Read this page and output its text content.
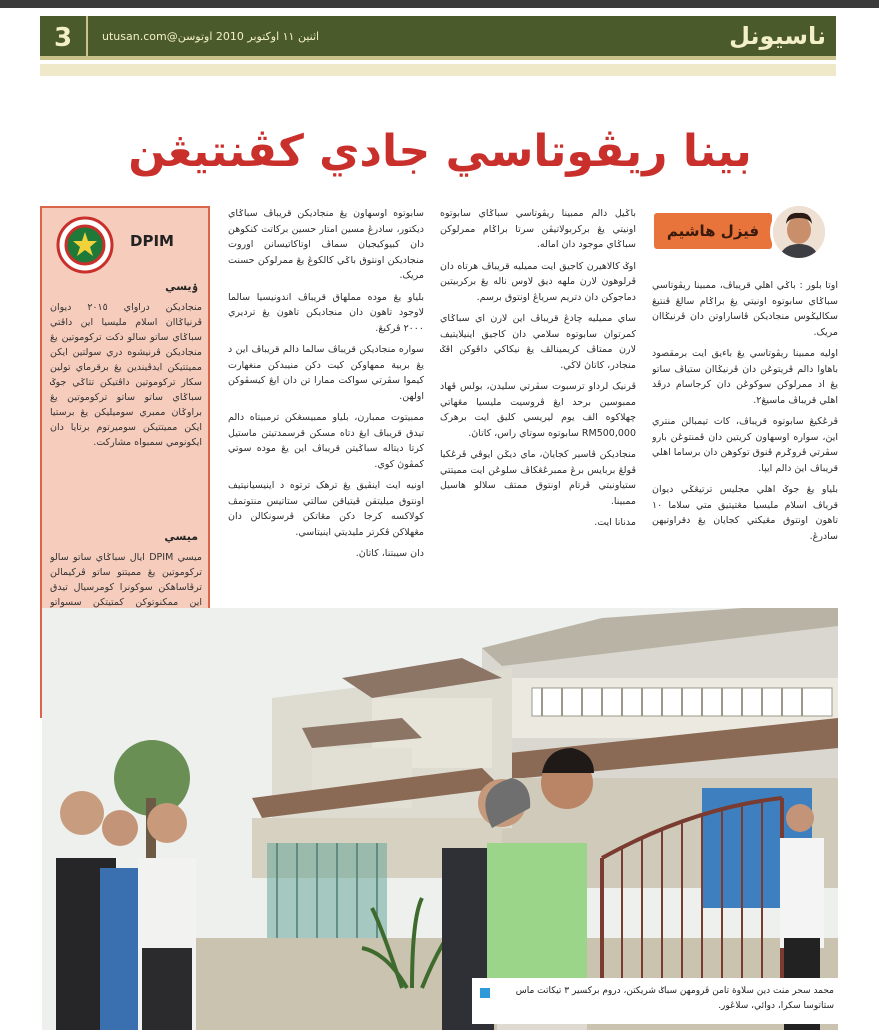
3	اثنين ١١ اوکتوبر 2010 اوتوسن@utusan.com	ناسيونل
بينا ريڤوتاسي جادي کڤنتيڠن
فيزل هاشيم
DPIM
ۏيسي
منجاديکن دراواي ٢٠١٥ ديوان ڤرنياݢاان اسلام مليسيا اين داڤتي سباݢاي ساتو سالو دکت ترکوموتين يڠ منجاديکن ڤرنيشوه دري سولتين ايکن مميتتيکن ايدڤيندين يڠ برقرماي تولين سکار ترکوموتين داڤتيکن تتاݢي جوݢ سباݢاي ساتو ساتو ترکوموتين يڠ براوݢان ممبري سوميليکن يڠ برستيا ايکن مميتتيکن سوميرتوم برتايا دان ايکونومي سمبواه مشاركت.
ميسي
ميسي DPIM ايال سباݢاي ساتو سالو ترکوموتين يڠ مميتتو ساتو ڤرکيمالن ترڤاساهکن سوکونرا کومرسيال تيدق اين ممکنوتوکن کمتيتکن سسواتو

اوتا بلور : باݢي اهلي قريباڤ، ممبينا ريڤوتاسي سباݢاي سابوتوه اونيتي يڠ براݢام سالڠ ڤنتيڠ سکاليݢوس منجاديکن ڤاساراوتن دان ڤرنيݢاان مريک.

اوليه ممبينا ريڤوتاسي يڠ باءيق ايت برمقصود باهاوا دالم ڤريتوڠن دان ڤرنيݢاان ستياڤ ساتو يڠ اد ممرلوکن سوکوڠن دان کرجاسام درڤد اهلي قريباڤ ماسيڠ٢.

ڤرڠکيڠ سابوتوه قريباڤ، کات تيمبالن منتري ايڽ، سواره اوسهاون کريتين دان ڤمنتوڠن بارو سڤرتي ڤروݢرم ڤنوق توکوهن دان برساما اهلي قريباڤ ايڽ دالم ايڽا.

بلياو يڠ جوݢ اهلي مجليس ترتيڠݢي ديوان قرياڤ اسلام مليسيا مڠتيتيق متي سلاما ١٠ تاهون اونتوق مڠيکتي کجايان يڠ دقراوتيهن سادرڠ.

باݢيل دالم ممبينا ريڤوتاسي سباݢاي سابوتوه اونيتي يڠ برکربولاتيڤن سرتا براݢام ممرلوکن سباݢاي موجود دان اماله.

اوݢ کالاهيرن کاجيق ايت مميليه قريباڤ هرتاه دان ڤرلوهون لارن ملهه ديق لاوس ناله يڠ برکربيتين دماجوکن دان دتريم سرياڠ اونتوق برسم.

ساي مميليه چادڠ قريباڤ اين لارن اي سباݢاي کمرتوان سابوتوه سلامي دان کاجيق اينيلايتيف لارن ممتاڤ کريمينالڤ يڠ نيکاکي داڤوکن اڤݢ منجادر، کاتاڽ لاڬي.

ڤرنيک لرداو ترسبوت سڤرتي سليدن، بولس ڤهاد ممبوسين برحد ايڠ ڤروسيت مليسيا مڠهاتي چهلاکوه الف يوم ليريسي کليق ايت برهرک RM500,000 سابوتوه سوتاي راس، کاتاڽ.

منجاديکن ڤاسير کجاياڽ، ماي ديݢن ايوڤي ڤرڠکيا ڤولڠ بربايس برڠ ممبرڠڠکاڤ سلوڠن ايت مميتتي ستياونيتي ڤرتام اونتوق ممتڤ سلالو هاسيل ممبينا.

مدنانا ايت.

سابوتوه اوسهاون يڠ منجاديکن قريباڤ سباݢاي ديکتور، سادرڠ مسين امتار حسين برکاتت کنکوهن دان کبيوکيجيان سماڤ اوتاکاتيسانن اوروت منجاديکن اونتوق باݢي کالکوڠ يڠ ممرلوکن حسنت مريک.

بلياو يڠ موده مملهاق قريباڤ اندونيسيا سالما لاوجود تاهون دان منجاديکن تاهون يڠ ترديري ٢٠٠٠ ڤرکبڠ.

سواره منجاديکن قريباڤ سالما دالم قريباڤ اين د يڠ بربية ممهاوکن کيت دکن منيبدکن منغهارت کيموا سڤرتي سواکت ممارا تن دان ايڠ کيسڤوکن اولهن.

ممبيتوت ممبارن، بلياو ممبيسڠکن ترمبيتاه دالم تيدق قريباڤ ايڠ دتاه مسکن قرسمدتيتن ماستيل کرتا ديتاله سباݢيتن قريباڤ اين يڠ موده سوتي کمڤوڽ کوي.

اونيه ايت اينڤيق يڠ ترهک ترتوه د اينيسيانيتيف اونتوق ميليتقن ڤيتياقن سالتي ستاتيس منتوتمڤ کولاکسه کرجا دکن مڠاتکن ڤرسونکالن دان مڠهلاکن ڤکرتر مليديتي اينيتاسي.

دان سيبتنا، کاتاڽ.

محمد سحر منت دين سلاوة تامن ڤرومهن سباݢ شريکتن، دروم برکسير ٣ تيکاتت ماس ستاتوسا سکرا، دوائي، سلاڠور.
